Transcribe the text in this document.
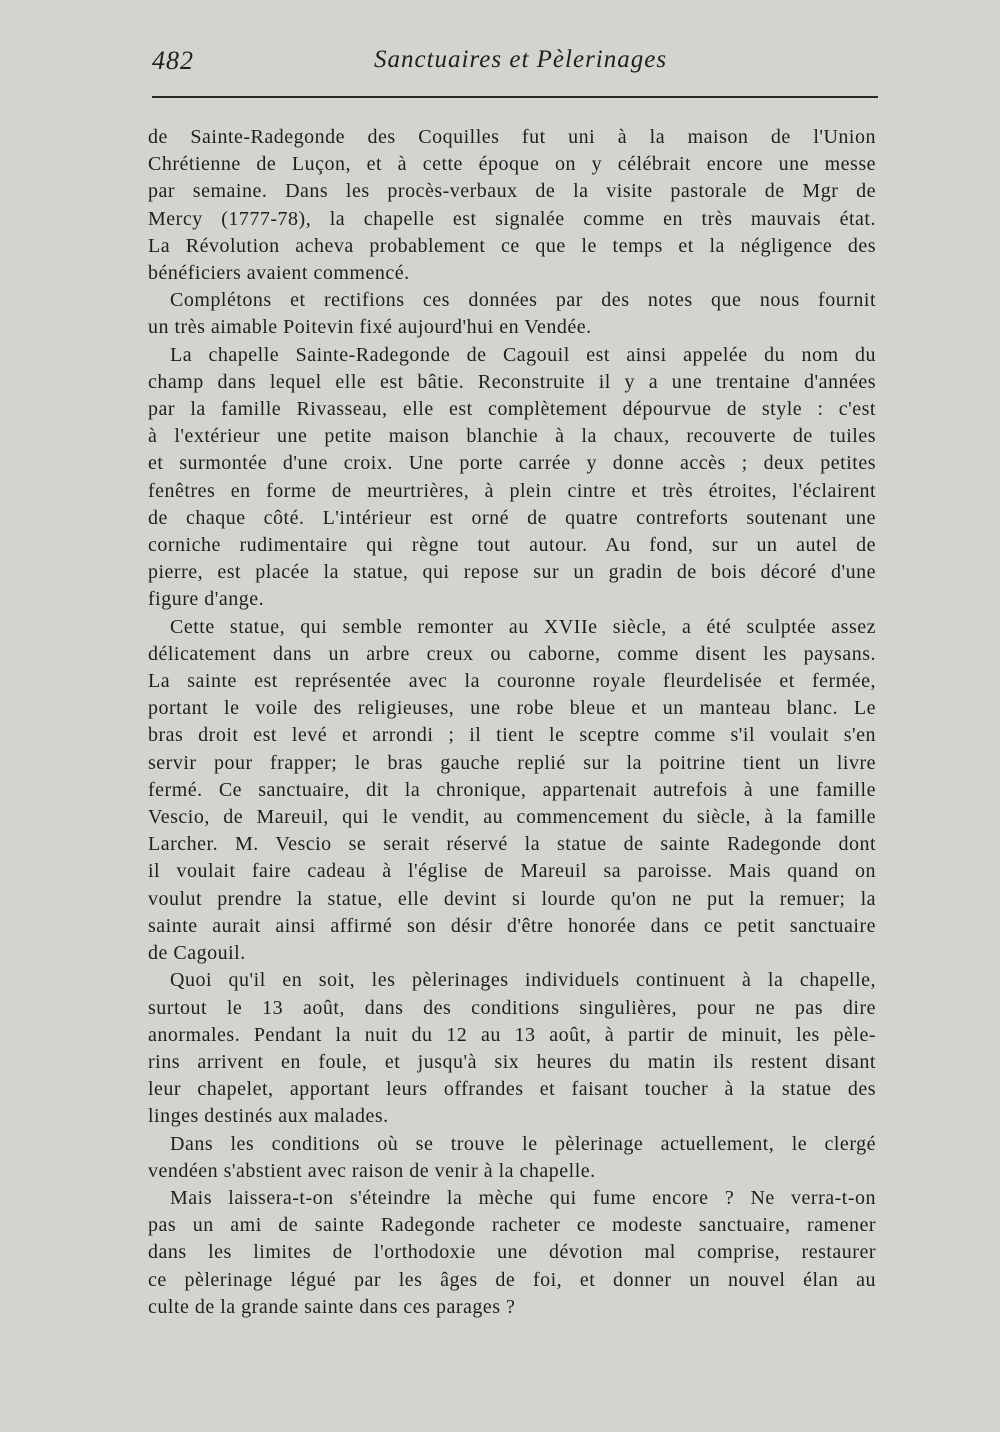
482	Sanctuaires et Pèlerinages
de Sainte-Radegonde des Coquilles fut uni à la maison de l'Union
Chrétienne de Luçon, et à cette époque on y célébrait encore une messe
par semaine. Dans les procès-verbaux de la visite pastorale de Mgr de
Mercy (1777-78), la chapelle est signalée comme en très mauvais état.
La Révolution acheva probablement ce que le temps et la négligence des
bénéficiers avaient commencé.
Complétons et rectifions ces données par des notes que nous fournit
un très aimable Poitevin fixé aujourd'hui en Vendée.
La chapelle Sainte-Radegonde de Cagouil est ainsi appelée du nom du
champ dans lequel elle est bâtie. Reconstruite il y a une trentaine d'années
par la famille Rivasseau, elle est complètement dépourvue de style : c'est
à l'extérieur une petite maison blanchie à la chaux, recouverte de tuiles
et surmontée d'une croix. Une porte carrée y donne accès ; deux petites
fenêtres en forme de meurtrières, à plein cintre et très étroites, l'éclairent
de chaque côté. L'intérieur est orné de quatre contreforts soutenant une
corniche rudimentaire qui règne tout autour. Au fond, sur un autel de
pierre, est placée la statue, qui repose sur un gradin de bois décoré d'une
figure d'ange.
Cette statue, qui semble remonter au XVIIe siècle, a été sculptée assez
délicatement dans un arbre creux ou caborne, comme disent les paysans.
La sainte est représentée avec la couronne royale fleurdelisée et fermée,
portant le voile des religieuses, une robe bleue et un manteau blanc. Le
bras droit est levé et arrondi ; il tient le sceptre comme s'il voulait s'en
servir pour frapper; le bras gauche replié sur la poitrine tient un livre
fermé. Ce sanctuaire, dit la chronique, appartenait autrefois à une famille
Vescio, de Mareuil, qui le vendit, au commencement du siècle, à la famille
Larcher. M. Vescio se serait réservé la statue de sainte Radegonde dont
il voulait faire cadeau à l'église de Mareuil sa paroisse. Mais quand on
voulut prendre la statue, elle devint si lourde qu'on ne put la remuer; la
sainte aurait ainsi affirmé son désir d'être honorée dans ce petit sanctuaire
de Cagouil.
Quoi qu'il en soit, les pèlerinages individuels continuent à la chapelle,
surtout le 13 août, dans des conditions singulières, pour ne pas dire
anormales. Pendant la nuit du 12 au 13 août, à partir de minuit, les pèle-
rins arrivent en foule, et jusqu'à six heures du matin ils restent disant
leur chapelet, apportant leurs offrandes et faisant toucher à la statue des
linges destinés aux malades.
Dans les conditions où se trouve le pèlerinage actuellement, le clergé
vendéen s'abstient avec raison de venir à la chapelle.
Mais laissera-t-on s'éteindre la mèche qui fume encore ? Ne verra-t-on
pas un ami de sainte Radegonde racheter ce modeste sanctuaire, ramener
dans les limites de l'orthodoxie une dévotion mal comprise, restaurer
ce pèlerinage légué par les âges de foi, et donner un nouvel élan au
culte de la grande sainte dans ces parages ?
